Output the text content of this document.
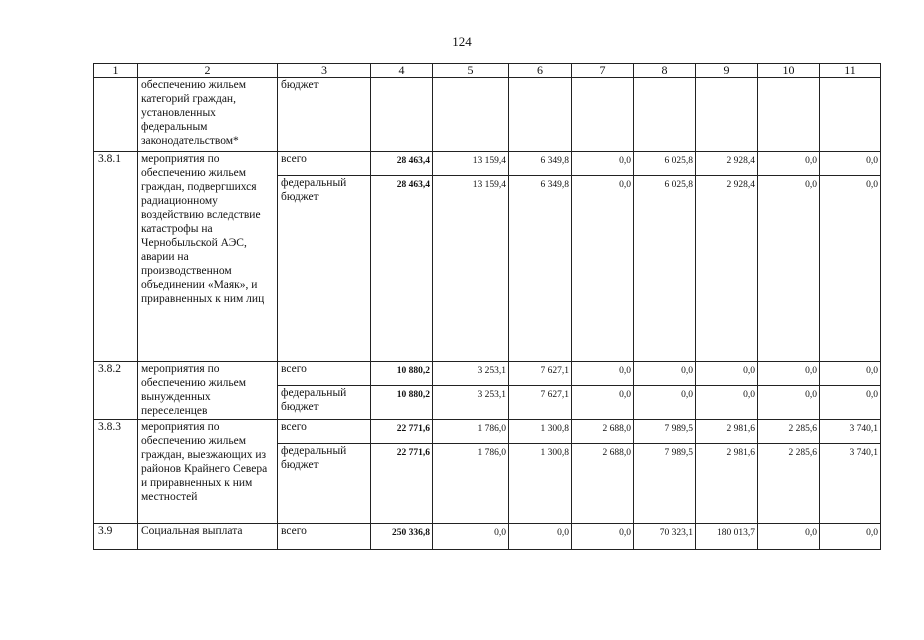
124
1	2	3	4	5	6	7	8	9	10	11
	обеспечению жильем категорий граждан, установленных федеральным законодательством*	бюджет								
3.8.1	мероприятия по обеспечению жильем граждан, подвергшихся радиационному воздействию вследствие катастрофы на Чернобыльской АЭС, аварии на производственном объединении «Маяк», и приравненных к ним лиц	всего	28 463,4	13 159,4	6 349,8	0,0	6 025,8	2 928,4	0,0	0,0
		федеральный бюджет	28 463,4	13 159,4	6 349,8	0,0	6 025,8	2 928,4	0,0	0,0
3.8.2	мероприятия по обеспечению жильем вынужденных переселенцев	всего	10 880,2	3 253,1	7 627,1	0,0	0,0	0,0	0,0	0,0
		федеральный бюджет	10 880,2	3 253,1	7 627,1	0,0	0,0	0,0	0,0	0,0
3.8.3	мероприятия по обеспечению жильем граждан, выезжающих из районов Крайнего Севера и приравненных к ним местностей	всего	22 771,6	1 786,0	1 300,8	2 688,0	7 989,5	2 981,6	2 285,6	3 740,1
		федеральный бюджет	22 771,6	1 786,0	1 300,8	2 688,0	7 989,5	2 981,6	2 285,6	3 740,1
3.9	Социальная выплата	всего	250 336,8	0,0	0,0	0,0	70 323,1	180 013,7	0,0	0,0
